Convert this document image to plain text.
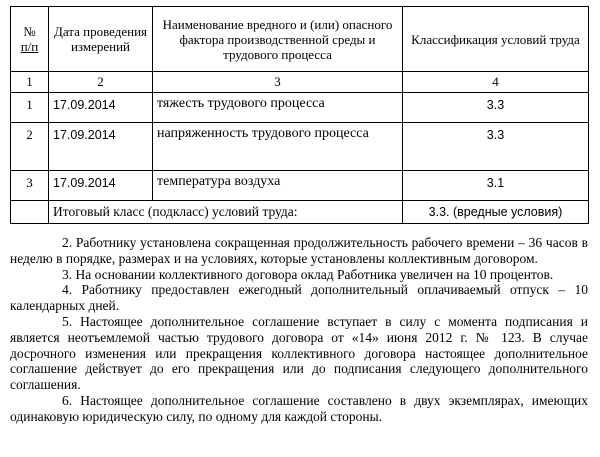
№
п/п	Дата проведения измерений	Наименование вредного и (или) опасного фактора производственной среды и трудового процесса	Классификация условий труда
1	2	3	4
1	17.09.2014	тяжесть трудового процесса	3.3
2	17.09.2014	напряженность трудового процесса	3.3
3	17.09.2014	температура воздуха	3.1
	Итоговый класс (подкласс) условий труда:		3.3. (вредные условия)

2. Работнику установлена сокращенная продолжительность рабочего времени – 36 часов в неделю в порядке, размерах и на условиях, которые установлены коллективным договором.

3. На основании коллективного договора оклад Работника увеличен на 10 процентов.

4. Работнику предоставлен ежегодный дополнительный оплачиваемый отпуск – 10 календарных дней.

5. Настоящее дополнительное соглашение вступает в силу с момента подписания и является неотъемлемой частью трудового договора от «14» июня 2012 г. № 123. В случае досрочного изменения или прекращения коллективного договора настоящее дополнительное соглашение действует до его прекращения или до подписания следующего дополнительного соглашения.

6. Настоящее дополнительное соглашение составлено в двух экземплярах, имеющих одинаковую юридическую силу, по одному для каждой стороны.
